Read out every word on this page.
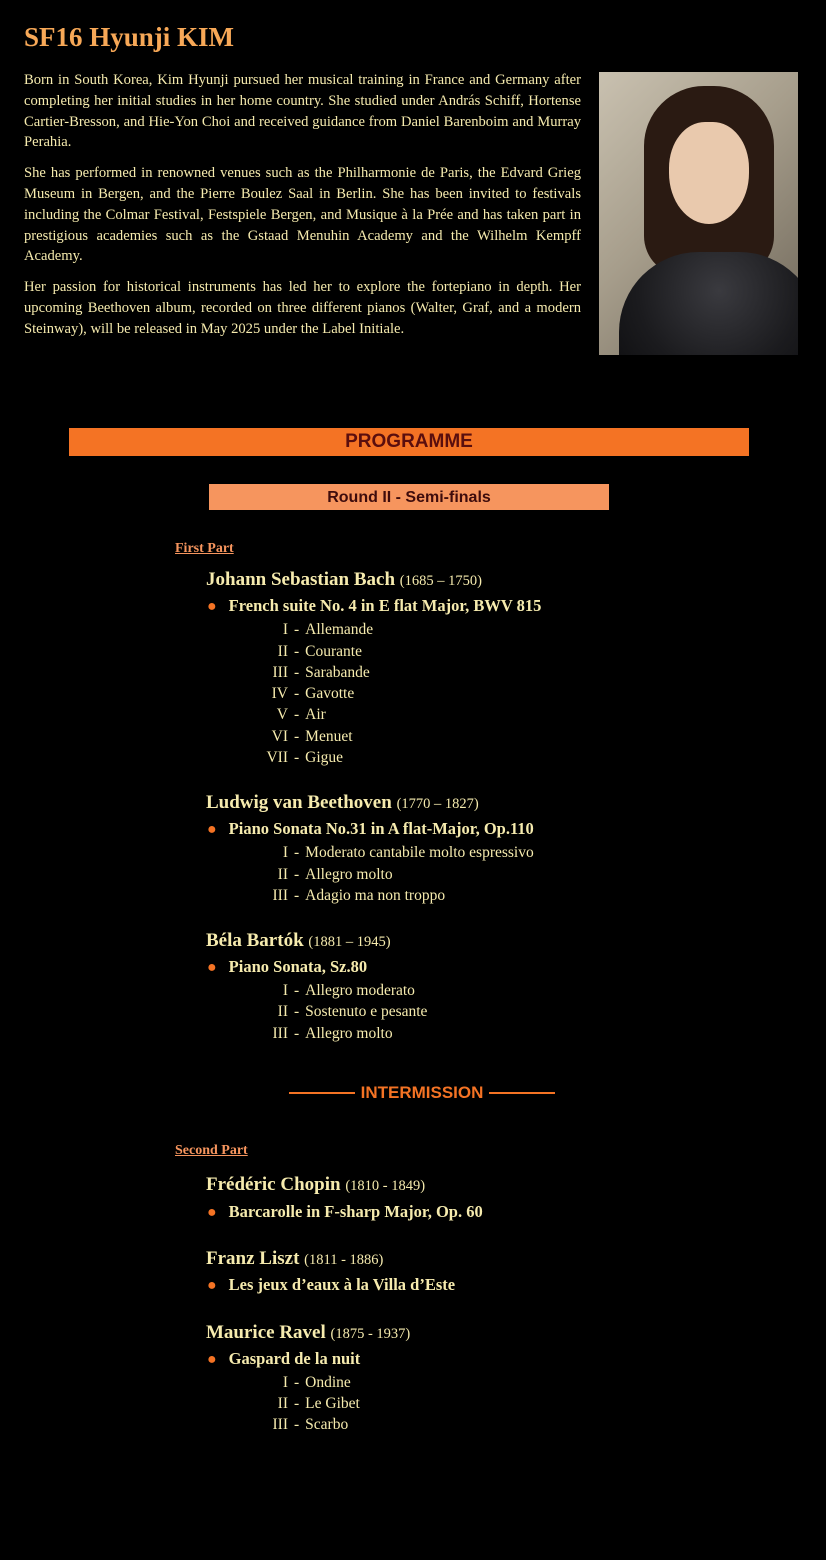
SF16 Hyunji KIM

Born in South Korea, Kim Hyunji pursued her musical training in France and Germany after completing her initial studies in her home country. She studied under András Schiff, Hortense Cartier-Bresson, and Hie-Yon Choi and received guidance from Daniel Barenboim and Murray Perahia.

She has performed in renowned venues such as the Philharmonie de Paris, the Edvard Grieg Museum in Bergen, and the Pierre Boulez Saal in Berlin. She has been invited to festivals including the Colmar Festival, Festspiele Bergen, and Musique à la Prée and has taken part in prestigious academies such as the Gstaad Menuhin Academy and the Wilhelm Kempff Academy.

Her passion for historical instruments has led her to explore the fortepiano in depth. Her upcoming Beethoven album, recorded on three different pianos (Walter, Graf, and a modern Steinway), will be released in May 2025 under the Label Initiale.

PROGRAMME
Round II - Semi-finals
First Part
Johann Sebastian Bach (1685 – 1750)
● French suite No. 4 in E flat Major, BWV 815
I - Allemande
II - Courante
III - Sarabande
IV - Gavotte
V - Air
VI - Menuet
VII - Gigue
Ludwig van Beethoven (1770 – 1827)
● Piano Sonata No.31 in A flat-Major, Op.110
I - Moderato cantabile molto espressivo
II - Allegro molto
III - Adagio ma non troppo
Béla Bartók (1881 – 1945)
● Piano Sonata, Sz.80
I - Allegro moderato
II - Sostenuto e pesante
III - Allegro molto
INTERMISSION
Second Part
Frédéric Chopin (1810 - 1849)
● Barcarolle in F-sharp Major, Op. 60
Franz Liszt (1811 - 1886)
● Les jeux d’eaux à la Villa d’Este
Maurice Ravel (1875 - 1937)
● Gaspard de la nuit
I - Ondine
II - Le Gibet
III - Scarbo
